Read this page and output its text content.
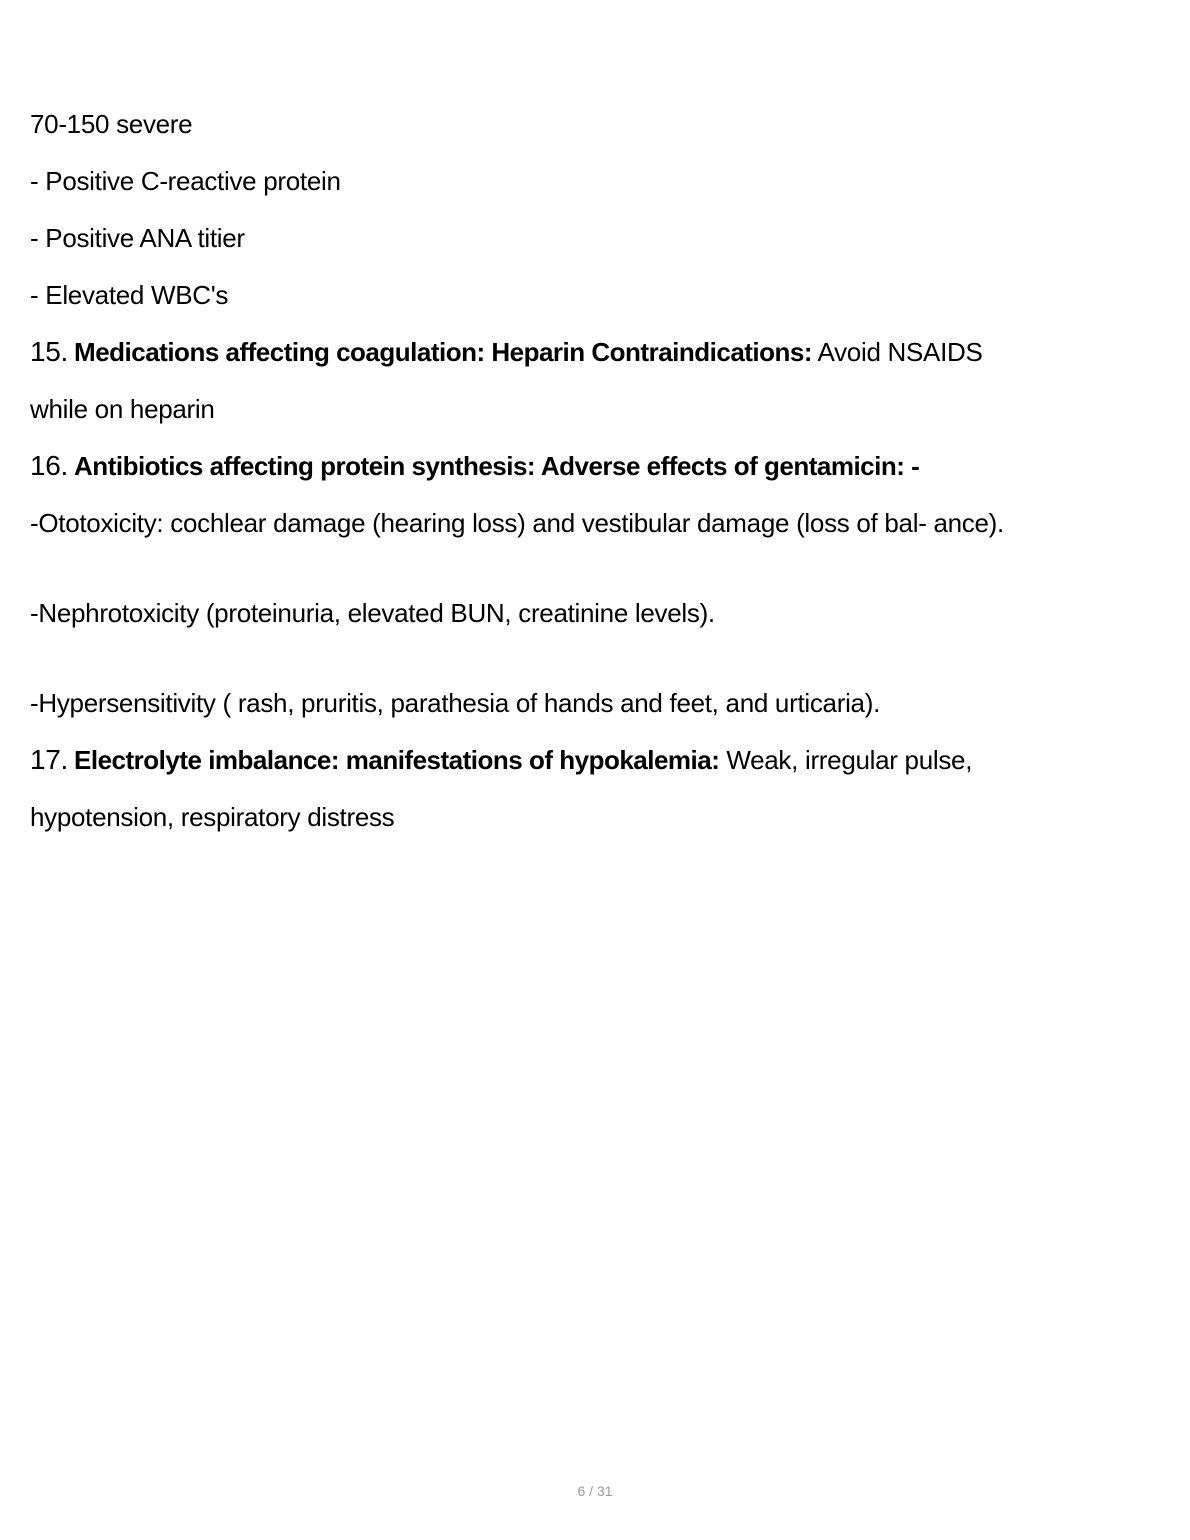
70-150 severe
- Positive C-reactive protein
- Positive ANA titier
- Elevated WBC's
15. Medications affecting coagulation: Heparin Contraindications: Avoid NSAIDS
while on heparin
16. Antibiotics affecting protein synthesis: Adverse effects of gentamicin: -
-Ototoxicity: cochlear damage (hearing loss) and vestibular damage (loss of bal- ance).
-Nephrotoxicity (proteinuria, elevated BUN, creatinine levels).
-Hypersensitivity ( rash, pruritis, parathesia of hands and feet, and urticaria).
17. Electrolyte imbalance: manifestations of hypokalemia: Weak, irregular pulse,
hypotension, respiratory distress
6 / 31
